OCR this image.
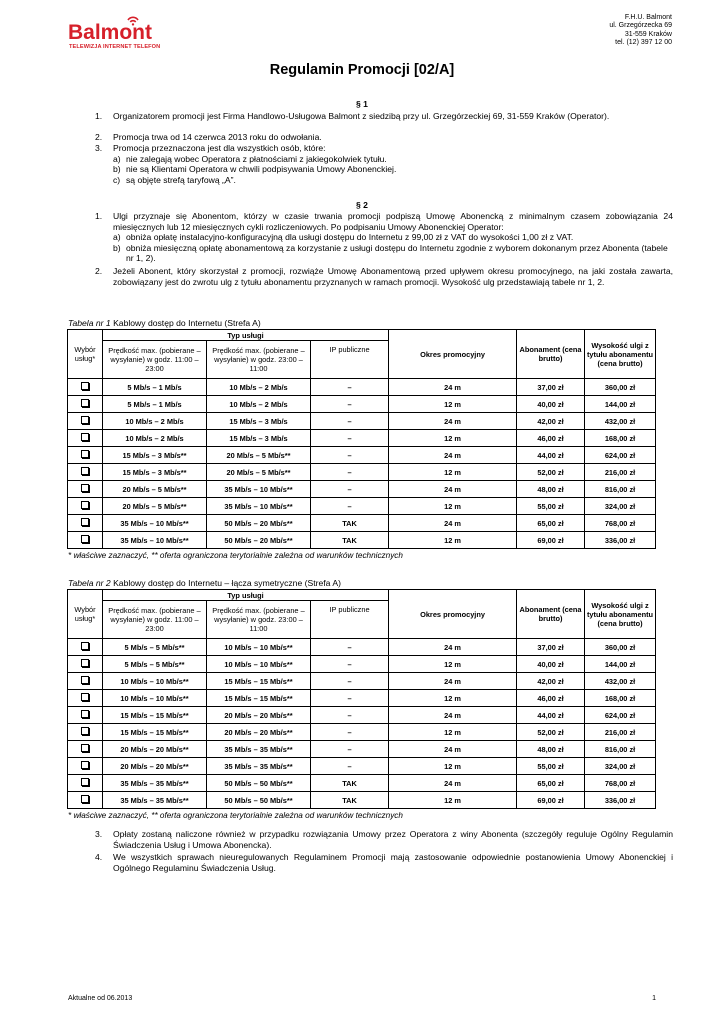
Balmont
TELEWIZJA INTERNET TELEFON
F.H.U. Balmont
ul. Grzegórzecka 69
31-559 Kraków
tel. (12) 397 12 00
Regulamin Promocji [02/A]
§ 1
1. Organizatorem promocji jest Firma Handlowo-Usługowa Balmont z siedzibą przy ul. Grzegórzeckiej 69, 31-559 Kraków (Operator).
2. Promocja trwa od 14 czerwca 2013 roku do odwołania.
3. Promocja przeznaczona jest dla wszystkich osób, które:
a) nie zalegają wobec Operatora z płatnościami z jakiegokolwiek tytułu.
b) nie są Klientami Operatora w chwili podpisywania Umowy Abonenckiej.
c) są objęte strefą taryfową „A”.
§ 2
1. Ulgi przyznaje się Abonentom, którzy w czasie trwania promocji podpiszą Umowę Abonencką z minimalnym czasem zobowiązania 24 miesięcznych lub 12 miesięcznych cykli rozliczeniowych. Po podpisaniu Umowy Abonenckiej Operator:
a) obniża opłatę instalacyjno-konfiguracyjną dla usługi dostępu do Internetu z 99,00 zł z VAT do wysokości 1,00 zł z VAT.
b) obniża miesięczną opłatę abonamentową za korzystanie z usługi dostępu do Internetu zgodnie z wyborem dokonanym przez Abonenta (tabele nr 1, 2).
2. Jeżeli Abonent, który skorzystał z promocji, rozwiąże Umowę Abonamentową przed upływem okresu promocyjnego, na jaki została zawarta, zobowiązany jest do zwrotu ulg z tytułu abonamentu przyznanych w ramach promocji. Wysokość ulg przedstawiają tabele nr 1, 2.
Tabela nr 1 Kablowy dostęp do Internetu (Strefa A)
Wybór usług*	Typ usługi			Okres promocyjny	Abonament (cena brutto)	Wysokość ulgi z tytułu abonamentu (cena brutto)
	Prędkość max. (pobierane – wysyłanie) w godz. 11:00 – 23:00	Prędkość max. (pobierane – wysyłanie) w godz. 23:00 – 11:00	IP publiczne			
	5 Mb/s – 1 Mb/s	10 Mb/s – 2 Mb/s	–	24 m	37,00 zł	360,00 zł
	5 Mb/s – 1 Mb/s	10 Mb/s – 2 Mb/s	–	12 m	40,00 zł	144,00 zł
	10 Mb/s – 2 Mb/s	15 Mb/s – 3 Mb/s	–	24 m	42,00 zł	432,00 zł
	10 Mb/s – 2 Mb/s	15 Mb/s – 3 Mb/s	–	12 m	46,00 zł	168,00 zł
	15 Mb/s – 3 Mb/s**	20 Mb/s – 5 Mb/s**	–	24 m	44,00 zł	624,00 zł
	15 Mb/s – 3 Mb/s**	20 Mb/s – 5 Mb/s**	–	12 m	52,00 zł	216,00 zł
	20 Mb/s – 5 Mb/s**	35 Mb/s – 10 Mb/s**	–	24 m	48,00 zł	816,00 zł
	20 Mb/s – 5 Mb/s**	35 Mb/s – 10 Mb/s**	–	12 m	55,00 zł	324,00 zł
	35 Mb/s – 10 Mb/s**	50 Mb/s – 20 Mb/s**	TAK	24 m	65,00 zł	768,00 zł
	35 Mb/s – 10 Mb/s**	50 Mb/s – 20 Mb/s**	TAK	12 m	69,00 zł	336,00 zł
* właściwe zaznaczyć, ** oferta ograniczona terytorialnie zależna od warunków technicznych
Tabela nr 2 Kablowy dostęp do Internetu – łącza symetryczne (Strefa A)
Wybór usług*	Typ usługi			Okres promocyjny	Abonament (cena brutto)	Wysokość ulgi z tytułu abonamentu (cena brutto)
	Prędkość max. (pobierane – wysyłanie) w godz. 11:00 – 23:00	Prędkość max. (pobierane – wysyłanie) w godz. 23:00 – 11:00	IP publiczne			
	5 Mb/s – 5 Mb/s**	10 Mb/s – 10 Mb/s**	–	24 m	37,00 zł	360,00 zł
	5 Mb/s – 5 Mb/s**	10 Mb/s – 10 Mb/s**	–	12 m	40,00 zł	144,00 zł
	10 Mb/s – 10 Mb/s**	15 Mb/s – 15 Mb/s**	–	24 m	42,00 zł	432,00 zł
	10 Mb/s – 10 Mb/s**	15 Mb/s – 15 Mb/s**	–	12 m	46,00 zł	168,00 zł
	15 Mb/s – 15 Mb/s**	20 Mb/s – 20 Mb/s**	–	24 m	44,00 zł	624,00 zł
	15 Mb/s – 15 Mb/s**	20 Mb/s – 20 Mb/s**	–	12 m	52,00 zł	216,00 zł
	20 Mb/s – 20 Mb/s**	35 Mb/s – 35 Mb/s**	–	24 m	48,00 zł	816,00 zł
	20 Mb/s – 20 Mb/s**	35 Mb/s – 35 Mb/s**	–	12 m	55,00 zł	324,00 zł
	35 Mb/s – 35 Mb/s**	50 Mb/s – 50 Mb/s**	TAK	24 m	65,00 zł	768,00 zł
	35 Mb/s – 35 Mb/s**	50 Mb/s – 50 Mb/s**	TAK	12 m	69,00 zł	336,00 zł
* właściwe zaznaczyć, ** oferta ograniczona terytorialnie zależna od warunków technicznych
3. Opłaty zostaną naliczone również w przypadku rozwiązania Umowy przez Operatora z winy Abonenta (szczegóły reguluje Ogólny Regulamin Świadczenia Usług i Umowa Abonencka).
4. We wszystkich sprawach nieuregulowanych Regulaminem Promocji mają zastosowanie odpowiednie postanowienia Umowy Abonenckiej i Ogólnego Regulaminu Świadczenia Usług.
Aktualne od 06.2013	1
